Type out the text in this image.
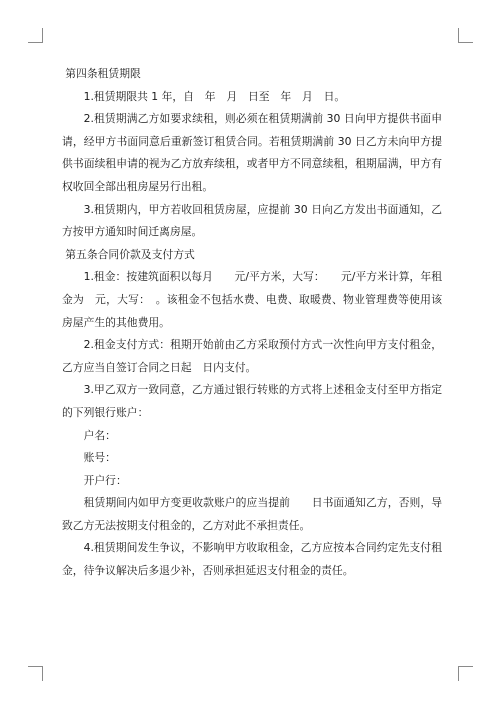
第四条租赁期限

1.租赁期限共 1 年，自　年　月　日至　年　月　日。

2.租赁期满乙方如要求续租，则必须在租赁期满前 30 日向甲方提供书面申请，经甲方书面同意后重新签订租赁合同。若租赁期满前 30 日乙方未向甲方提供书面续租申请的视为乙方放弃续租，或者甲方不同意续租，租期届满，甲方有权收回全部出租房屋另行出租。

3.租赁期内，甲方若收回租赁房屋，应提前 30 日向乙方发出书面通知，乙方按甲方通知时间迁离房屋。

第五条合同价款及支付方式

1.租金：按建筑面积以每月　　元/平方米，大写：　　元/平方米计算，年租金为　元，大写：　。该租金不包括水费、电费、取暖费、物业管理费等使用该房屋产生的其他费用。

2.租金支付方式：租期开始前由乙方采取预付方式一次性向甲方支付租金，乙方应当自签订合同之日起　日内支付。

3.甲乙双方一致同意，乙方通过银行转账的方式将上述租金支付至甲方指定的下列银行账户：

户名：

账号：

开户行：

租赁期间内如甲方变更收款账户的应当提前　　日书面通知乙方，否则，导致乙方无法按期支付租金的，乙方对此不承担责任。

4.租赁期间发生争议，不影响甲方收取租金，乙方应按本合同约定先支付租金，待争议解决后多退少补，否则承担延迟支付租金的责任。
